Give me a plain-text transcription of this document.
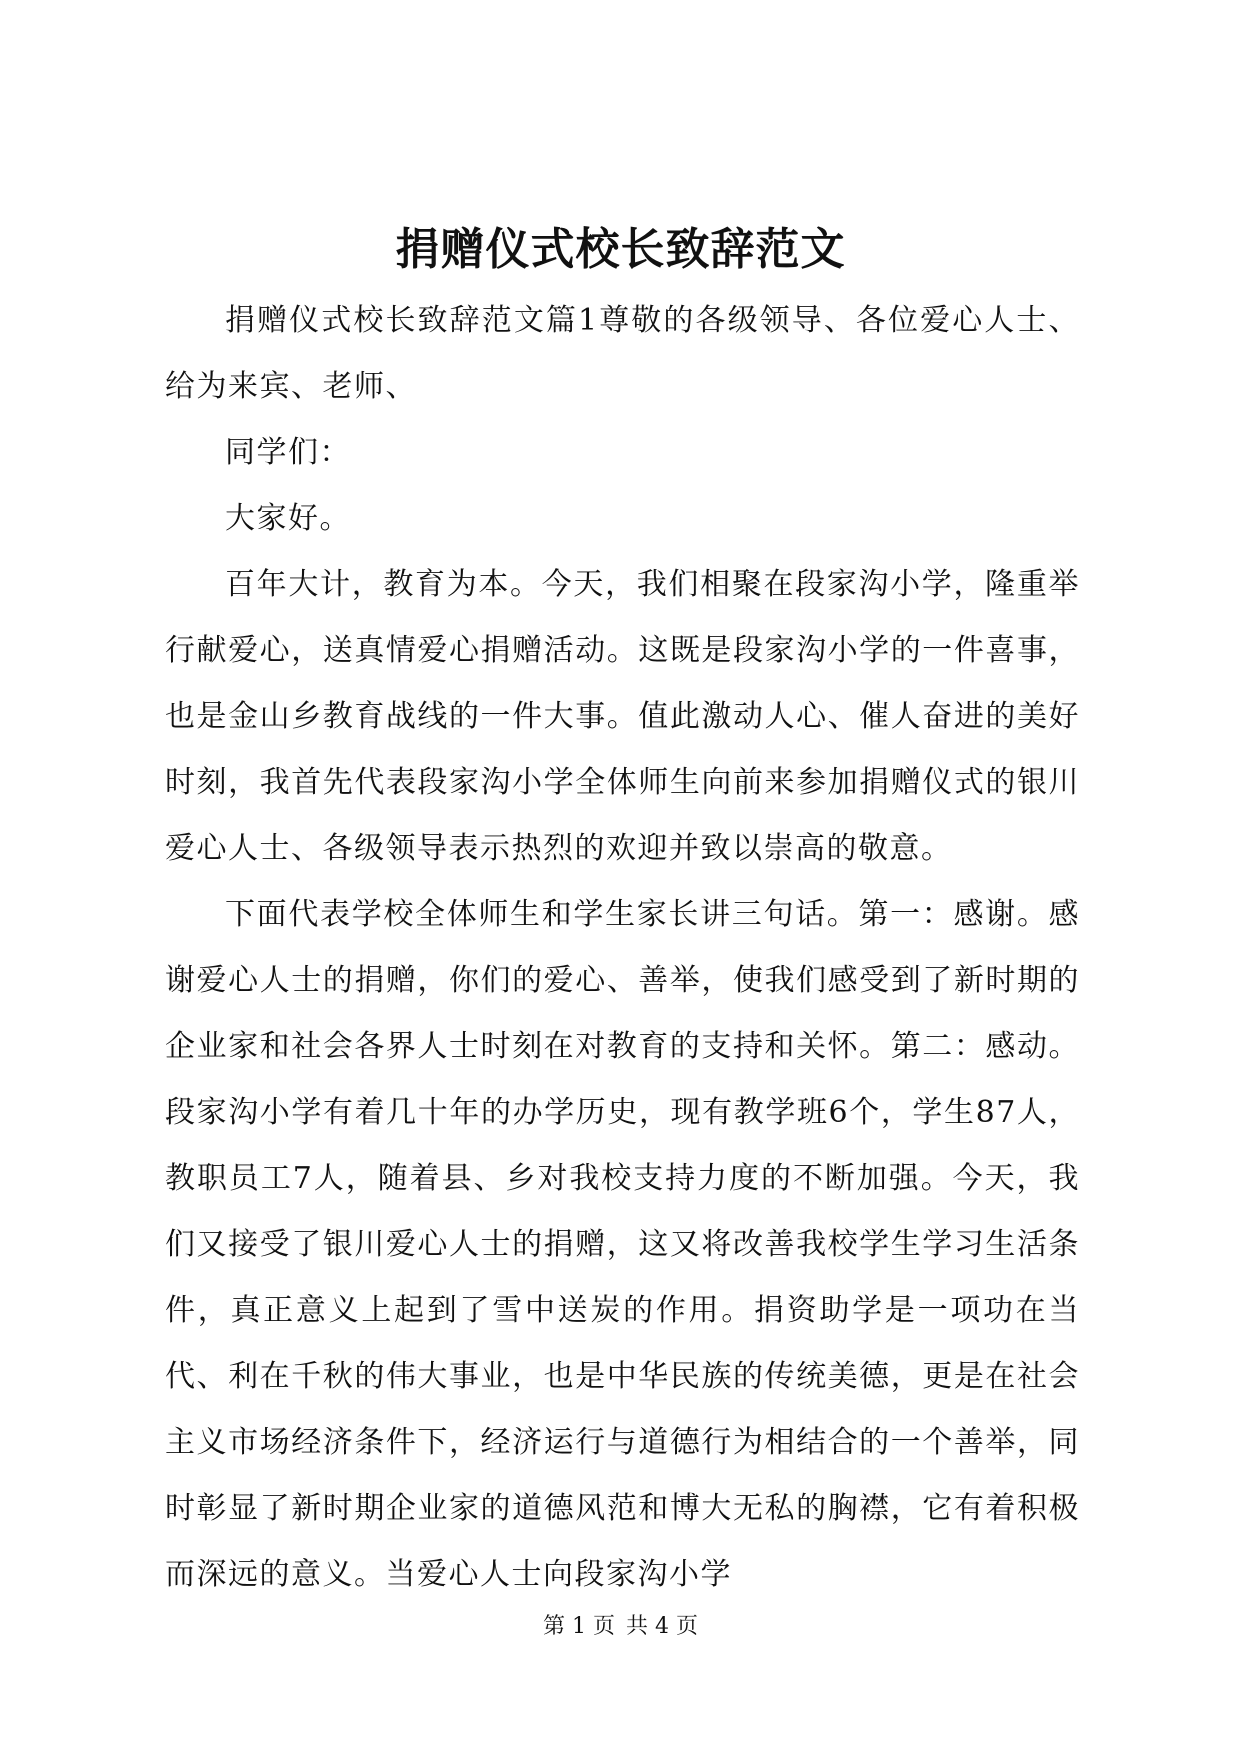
捐赠仪式校长致辞范文

捐赠仪式校长致辞范文篇1尊敬的各级领导、各位爱心人士、给为来宾、老师、

同学们：

大家好。

百年大计，教育为本。今天，我们相聚在段家沟小学，隆重举行献爱心，送真情爱心捐赠活动。这既是段家沟小学的一件喜事，也是金山乡教育战线的一件大事。值此激动人心、催人奋进的美好时刻，我首先代表段家沟小学全体师生向前来参加捐赠仪式的银川爱心人士、各级领导表示热烈的欢迎并致以崇高的敬意。

下面代表学校全体师生和学生家长讲三句话。第一：感谢。感谢爱心人士的捐赠，你们的爱心、善举，使我们感受到了新时期的企业家和社会各界人士时刻在对教育的支持和关怀。第二：感动。段家沟小学有着几十年的办学历史，现有教学班6个，学生87人，教职员工7人，随着县、乡对我校支持力度的不断加强。今天，我们又接受了银川爱心人士的捐赠，这又将改善我校学生学习生活条件，真正意义上起到了雪中送炭的作用。捐资助学是一项功在当代、利在千秋的伟大事业，也是中华民族的传统美德，更是在社会主义市场经济条件下，经济运行与道德行为相结合的一个善举，同时彰显了新时期企业家的道德风范和博大无私的胸襟，它有着积极而深远的意义。当爱心人士向段家沟小学

第 1 页 共 4 页
